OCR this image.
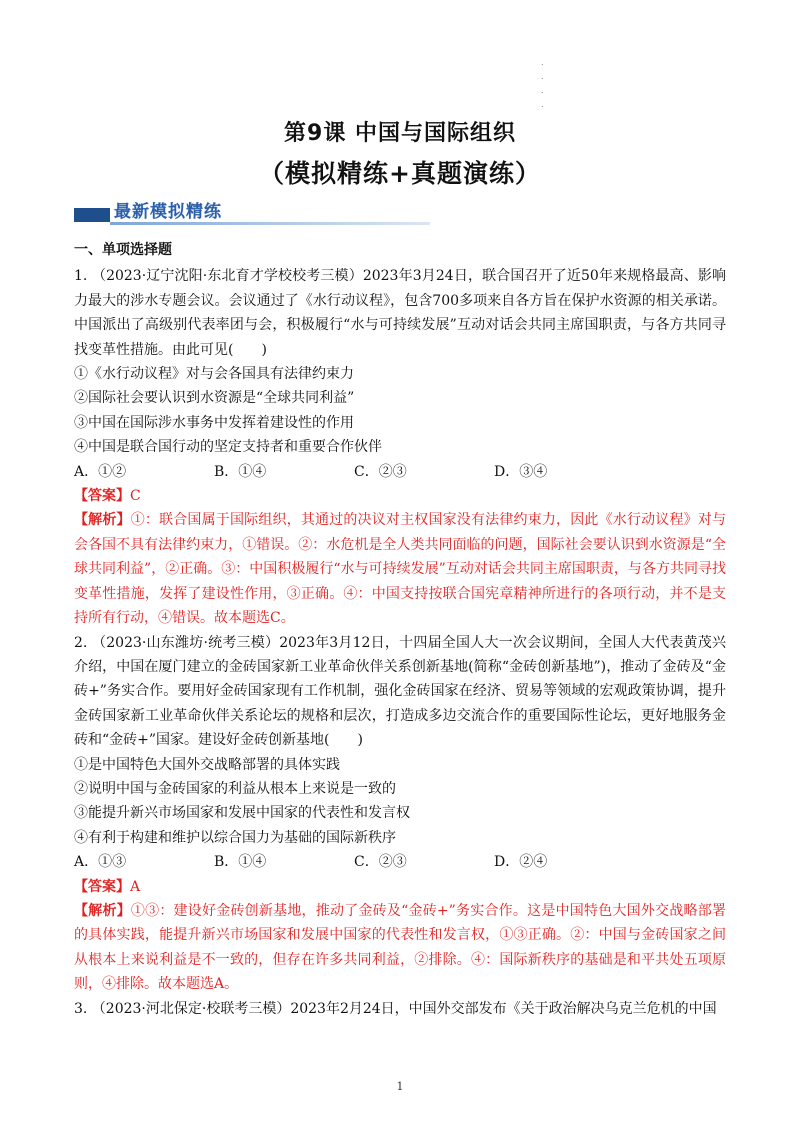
.
.
.
.
第9课 中国与国际组织
（模拟精练+真题演练）
最新模拟精练
一、单项选择题
1. （2023·辽宁沈阳·东北育才学校校考三模）2023年3月24日，联合国召开了近50年来规格最高、影响力最大的涉水专题会议。会议通过了《水行动议程》，包含700多项来自各方旨在保护水资源的相关承诺。中国派出了高级别代表率团与会，积极履行“水与可持续发展”互动对话会共同主席国职责，与各方共同寻找变革性措施。由此可见(　　)
①《水行动议程》对与会各国具有法律约束力
②国际社会要认识到水资源是“全球共同利益”
③中国在国际涉水事务中发挥着建设性的作用
④中国是联合国行动的坚定支持者和重要合作伙伴
A．①②	B．①④	C．②③	D．③④
【答案】C
【解析】①：联合国属于国际组织，其通过的决议对主权国家没有法律约束力，因此《水行动议程》对与会各国不具有法律约束力，①错误。②：水危机是全人类共同面临的问题，国际社会要认识到水资源是“全球共同利益”，②正确。③：中国积极履行“水与可持续发展”互动对话会共同主席国职责，与各方共同寻找变革性措施，发挥了建设性作用，③正确。④：中国支持按联合国宪章精神所进行的各项行动，并不是支持所有行动，④错误。故本题选C。
2. （2023·山东潍坊·统考三模）2023年3月12日，十四届全国人大一次会议期间，全国人大代表黄茂兴介绍，中国在厦门建立的金砖国家新工业革命伙伴关系创新基地(简称“金砖创新基地”)，推动了金砖及“金砖+”务实合作。要用好金砖国家现有工作机制，强化金砖国家在经济、贸易等领域的宏观政策协调，提升金砖国家新工业革命伙伴关系论坛的规格和层次，打造成多边交流合作的重要国际性论坛，更好地服务金砖和“金砖+”国家。建设好金砖创新基地(　　)
①是中国特色大国外交战略部署的具体实践
②说明中国与金砖国家的利益从根本上来说是一致的
③能提升新兴市场国家和发展中国家的代表性和发言权
④有利于构建和维护以综合国力为基础的国际新秩序
A．①③	B．①④	C．②③	D．②④
【答案】A
【解析】①③：建设好金砖创新基地，推动了金砖及“金砖+”务实合作。这是中国特色大国外交战略部署的具体实践，能提升新兴市场国家和发展中国家的代表性和发言权，①③正确。②：中国与金砖国家之间从根本上来说利益是不一致的，但存在许多共同利益，②排除。④：国际新秩序的基础是和平共处五项原则，④排除。故本题选A。
3. （2023·河北保定·校联考三模）2023年2月24日，中国外交部发布《关于政治解决乌克兰危机的中国
1
